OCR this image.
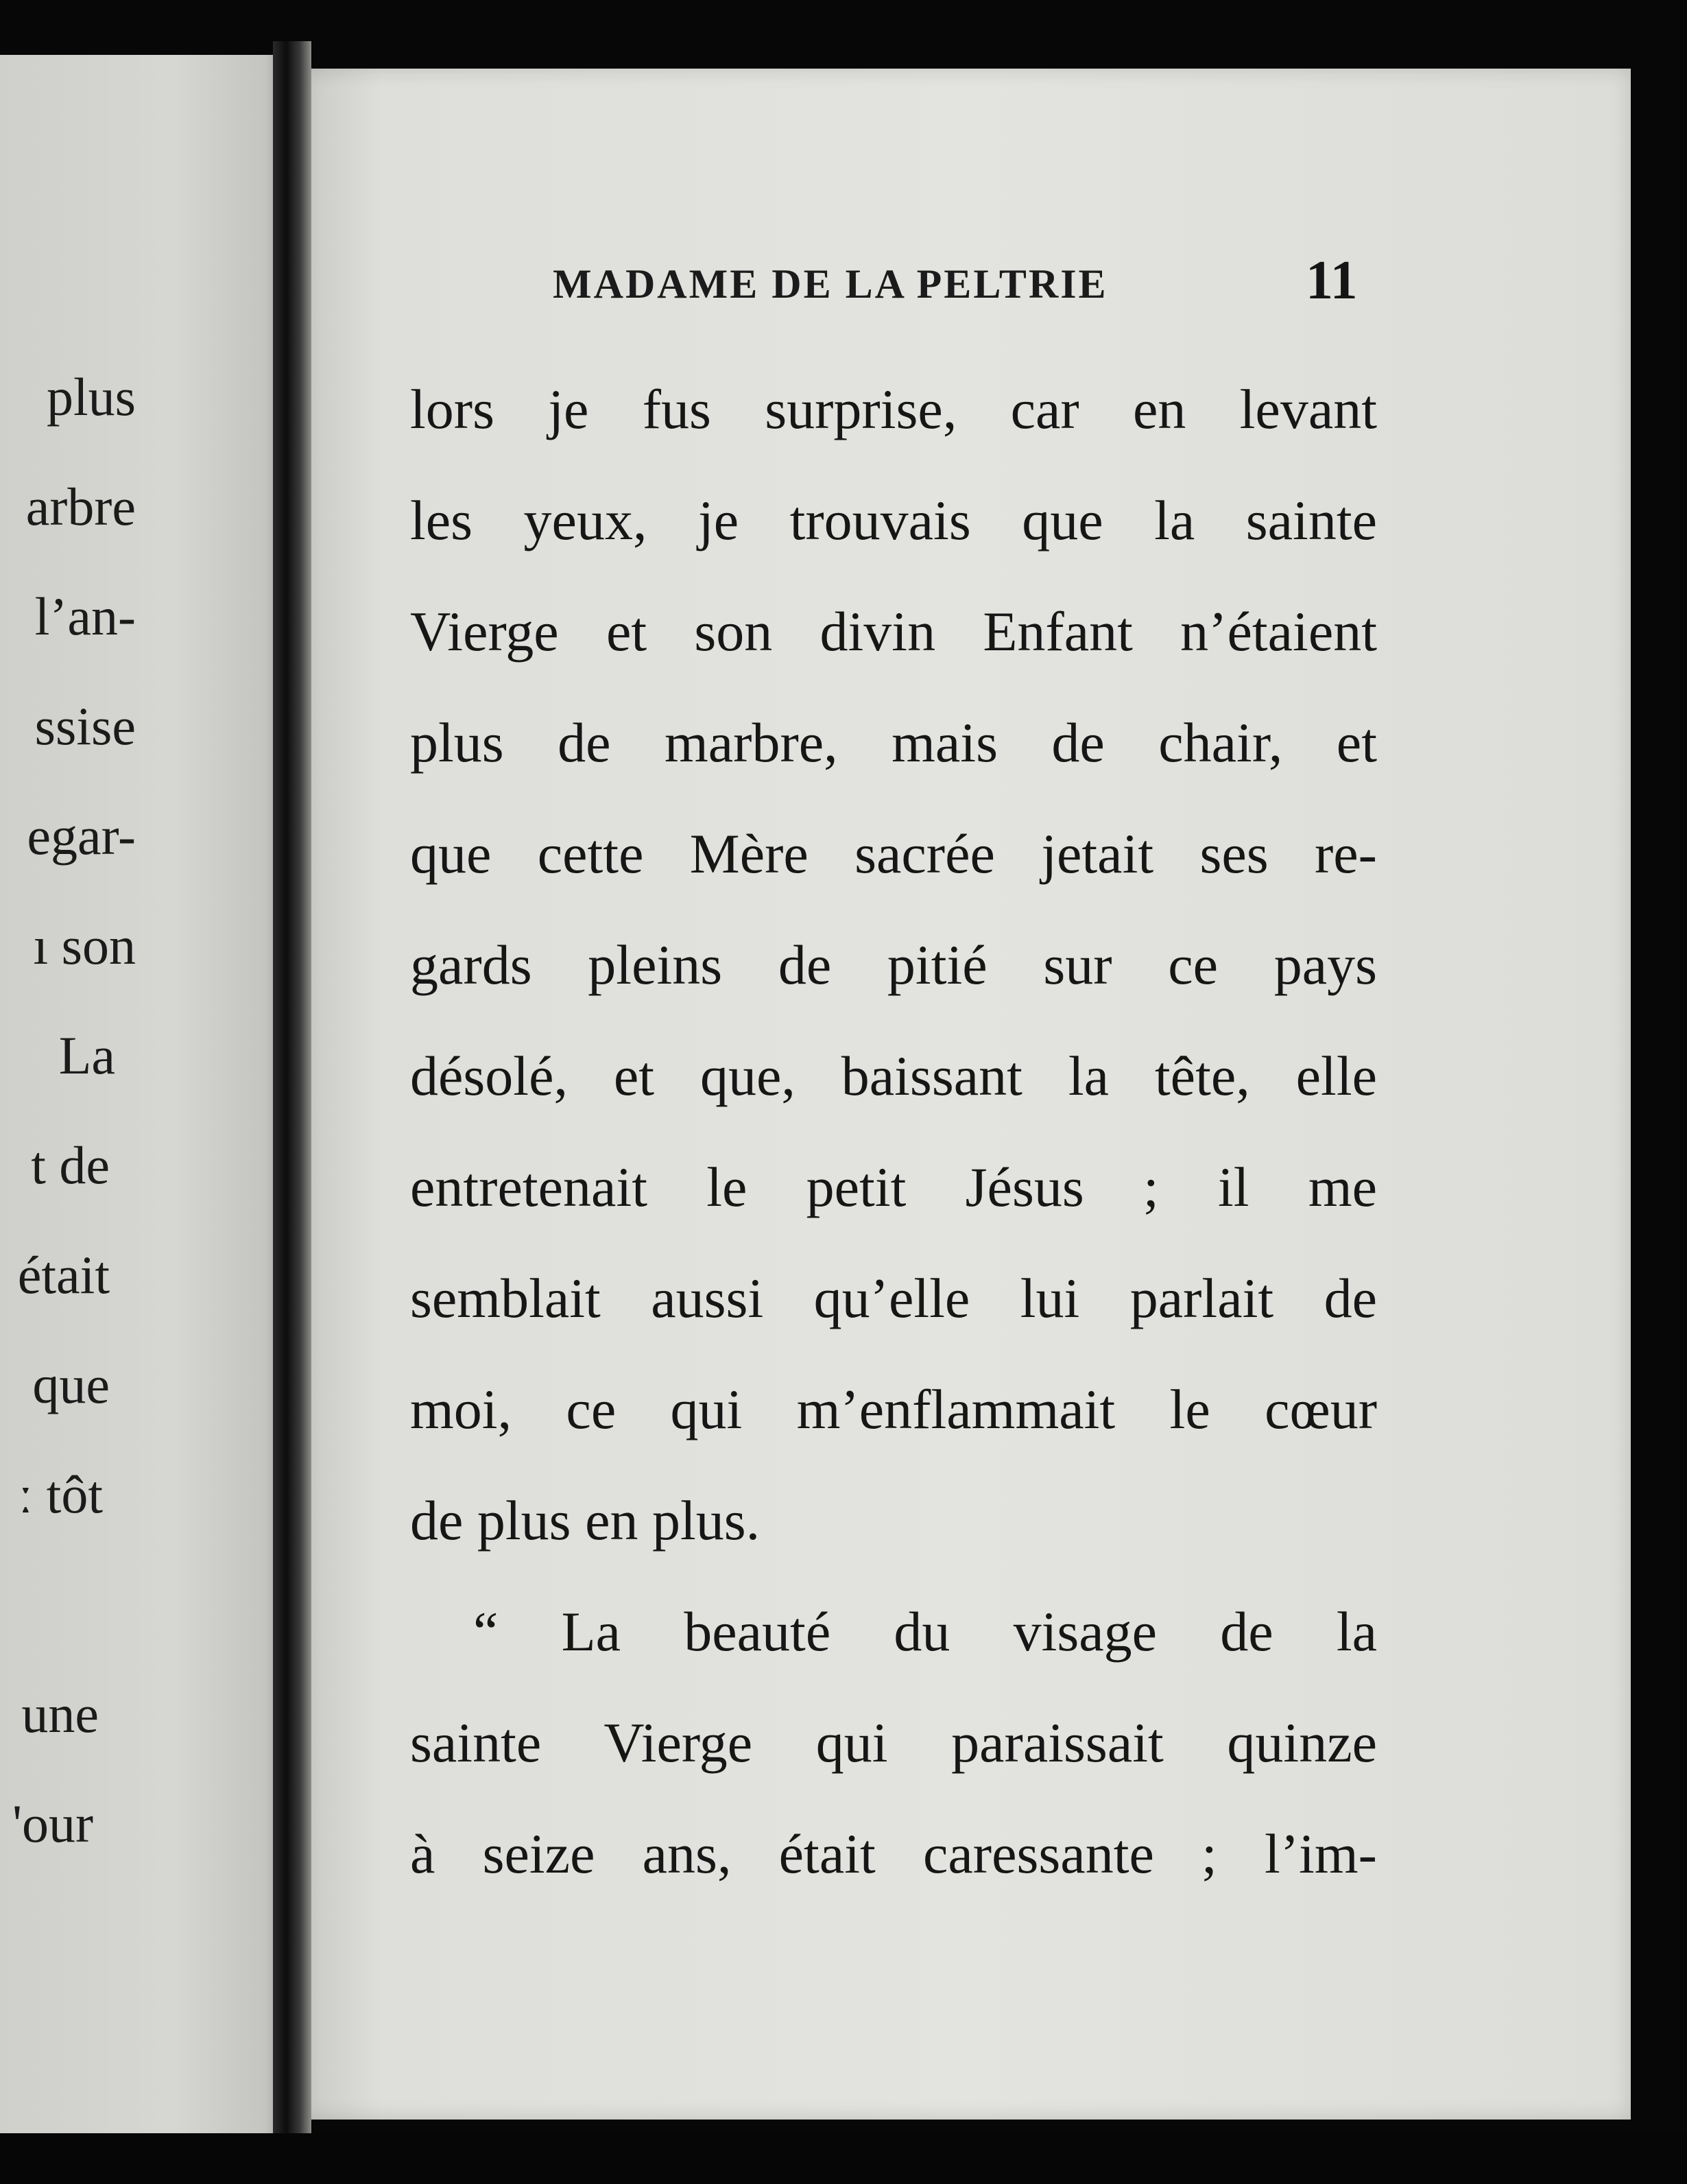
plus

arbre

l’an-

ssise

egar-

ı son

La

t de

était

que

ː tôt

une

'our

MADAME DE LA PELTRIE	11

lors je fus surprise, car en levant

les yeux, je trouvais que la sainte

Vierge et son divin Enfant n’étaient

plus de marbre, mais de chair, et

que cette Mère sacrée jetait ses re-

gards pleins de pitié sur ce pays

désolé, et que, baissant la tête, elle

entretenait le petit Jésus ; il me

semblait aussi qu’elle lui parlait de

moi, ce qui m’enflammait le cœur

de plus en plus.

“ La beauté du visage de la

sainte Vierge qui paraissait quinze

à seize ans, était caressante ; l’im-
